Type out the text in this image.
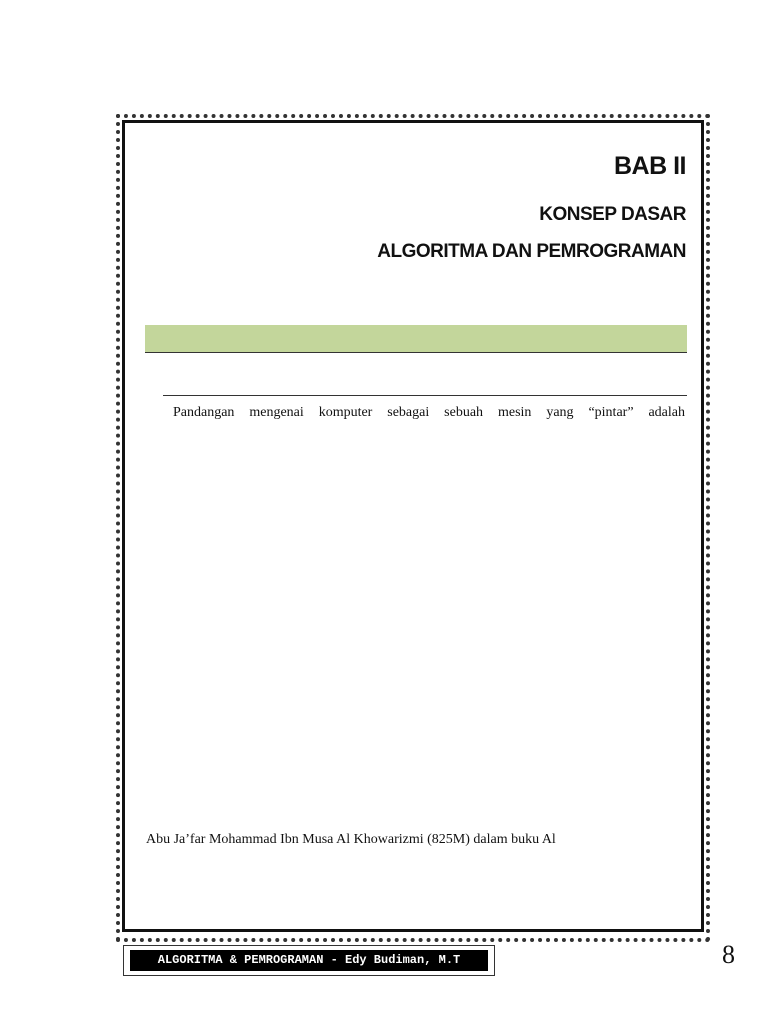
BAB II
KONSEP DASAR
ALGORITMA DAN PEMROGRAMAN

Pandangan mengenai komputer sebagai sebuah mesin yang “pintar” adalah

Abu Ja’far Mohammad Ibn Musa Al Khowarizmi (825M) dalam buku Al

ALGORITMA & PEMROGRAMAN - Edy Budiman, M.T	8
